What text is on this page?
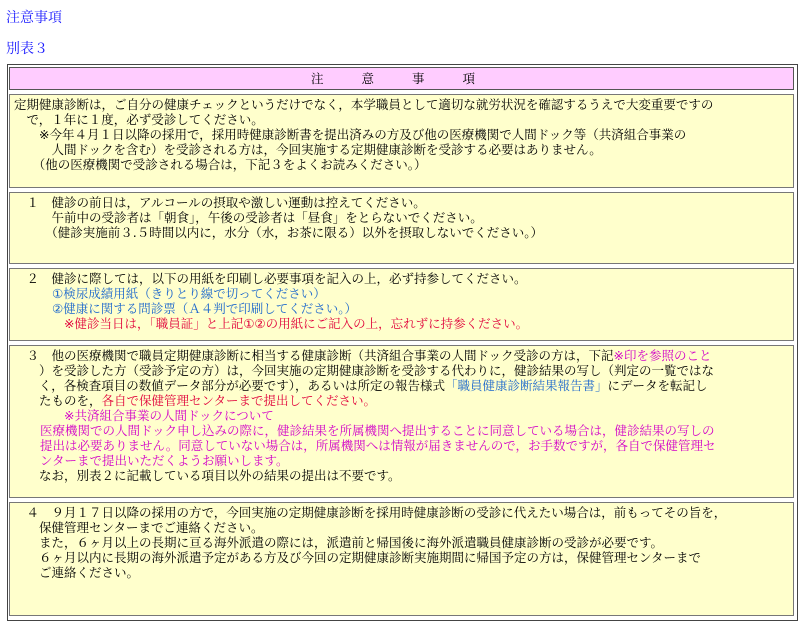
注意事項
別表３
注 意 事 項

定期健康診断は，ご自分の健康チェックというだけでなく，本学職員として適切な就労状況を確認するうえで大変重要ですの

　で，１年に１度，必ず受診してください。

　　※今年４月１日以降の採用で，採用時健康診断書を提出済みの方及び他の医療機関で人間ドック等（共済組合事業の

　　　人間ドックを含む）を受診される方は，今回実施する定期健康診断を受診する必要はありません。

　　（他の医療機関で受診される場合は，下記３をよくお読みください。）

　１　健診の前日は，アルコールの摂取や激しい運動は控えてください。

　　　午前中の受診者は「朝食」，午後の受診者は「昼食」をとらないでください。

　　　（健診実施前３.５時間以内に，水分（水，お茶に限る）以外を摂取しないでください。）

　２　健診に際しては，以下の用紙を印刷し必要事項を記入の上，必ず持参してください。

①検尿成績用紙（きりとり線で切ってください）

②健康に関する問診票（Ａ４判で印刷してください。）

※健診当日は，「職員証」と上記①②の用紙にご記入の上，忘れずに持参ください。

　３　他の医療機関で職員定期健康診断に相当する健康診断（共済組合事業の人間ドック受診の方は，下記※印を参照のこと

　　）を受診した方（受診予定の方）は，今回実施の定期健康診断を受診する代わりに，健診結果の写し（判定の一覧ではな

　　く，各検査項目の数値データ部分が必要です），あるいは所定の報告様式「職員健康診断結果報告書」にデータを転記し

　　たものを，各自で保健管理センターまで提出してください。

※共済組合事業の人間ドックについて

医療機関での人間ドック申し込みの際に，健診結果を所属機関へ提出することに同意している場合は，健診結果の写しの

提出は必要ありません。同意していない場合は，所属機関へは情報が届きませんので，お手数ですが，各自で保健管理セ

ンターまで提出いただくようお願いします。

　　なお，別表２に記載している項目以外の結果の提出は不要です。

　４　９月１７日以降の採用の方で，今回実施の定期健康診断を採用時健康診断の受診に代えたい場合は，前もってその旨を，

　　保健管理センターまでご連絡ください。

　　また，６ヶ月以上の長期に亘る海外派遣の際には，派遣前と帰国後に海外派遣職員健康診断の受診が必要です。

　　６ヶ月以内に長期の海外派遣予定がある方及び今回の定期健康診断実施期間に帰国予定の方は，保健管理センターまで

　　ご連絡ください。
